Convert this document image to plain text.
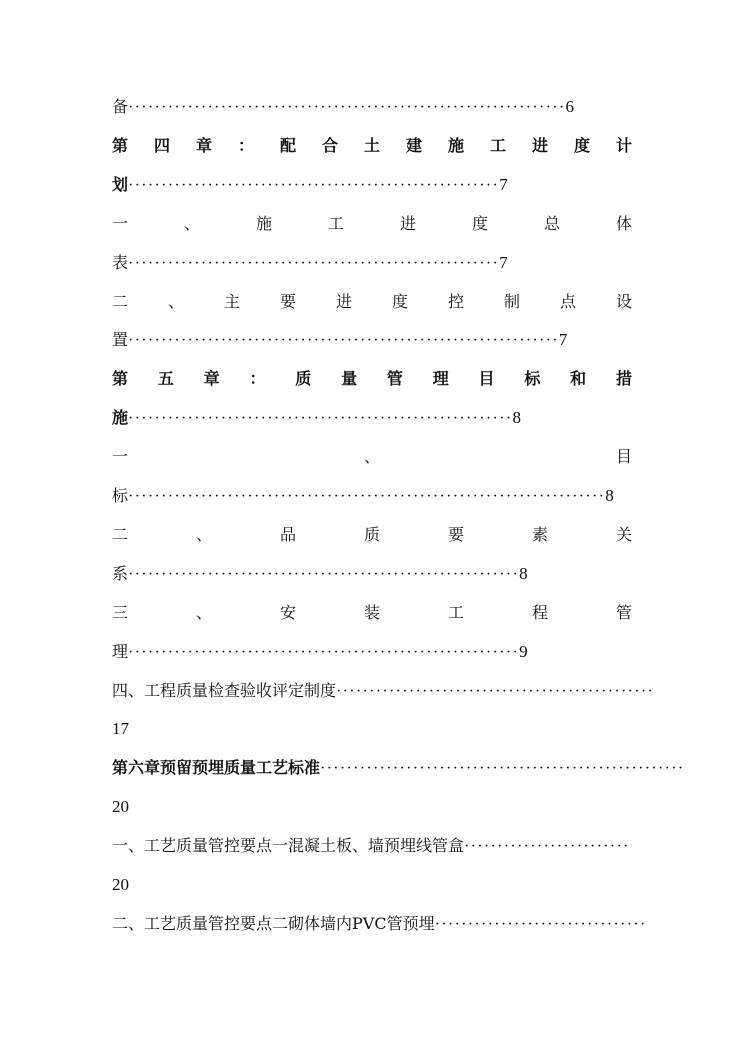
备··································································6
第四章：配合土建施工进度计
划························································7
一、施工进度总体
表························································7
二、主要进度控制点设
置·································································7
第五章：质量管理目标和措
施··························································8
一、目
标········································································8
二、品质要素关
系···························································8
三、安装工程管
理···························································9
四、工程质量检查验收评定制度················································
17
第六章预留预埋质量工艺标准·······················································
20
一、工艺质量管控要点一混凝土板、墙预埋线管盒·························
20
二、工艺质量管控要点二砌体墙内PVC管预埋································
